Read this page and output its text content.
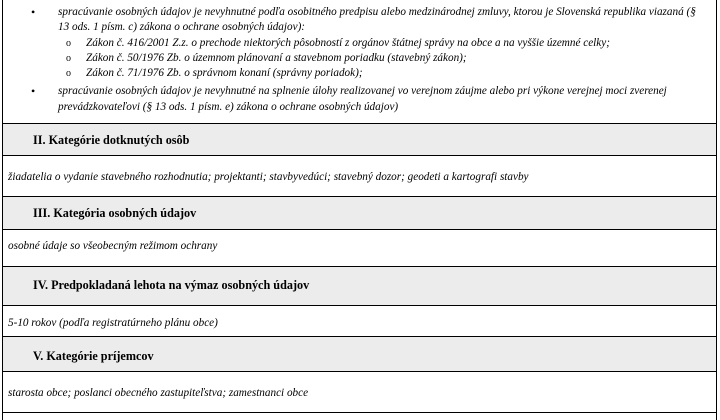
• spracúvanie osobných údajov je nevyhnutné podľa osobitného predpisu alebo medzinárodnej zmluvy, ktorou je Slovenská republika viazaná (§ 13 ods. 1 písm. c) zákona o ochrane osobných údajov):
o Zákon č. 416/2001 Z.z. o prechode niektorých pôsobností z orgánov štátnej správy na obce a na vyššie územné celky;
o Zákon č. 50/1976 Zb. o územnom plánovaní a stavebnom poriadku (stavebný zákon);
o Zákon č. 71/1976 Zb. o správnom konaní (správny poriadok);
• spracúvanie osobných údajov je nevyhnutné na splnenie úlohy realizovanej vo verejnom záujme alebo pri výkone verejnej moci zverenej prevádzkovateľovi (§ 13 ods. 1 písm. e) zákona o ochrane osobných údajov)
II. Kategórie dotknutých osôb
žiadatelia o vydanie stavebného rozhodnutia; projektanti; stavbyvedúci; stavebný dozor; geodeti a kartografi stavby
III. Kategória osobných údajov
osobné údaje so všeobecným režimom ochrany
IV. Predpokladaná lehota na výmaz osobných údajov
5-10 rokov (podľa registratúrneho plánu obce)
V. Kategórie príjemcov
starosta obce; poslanci obecného zastupiteľstva; zamestnanci obce
